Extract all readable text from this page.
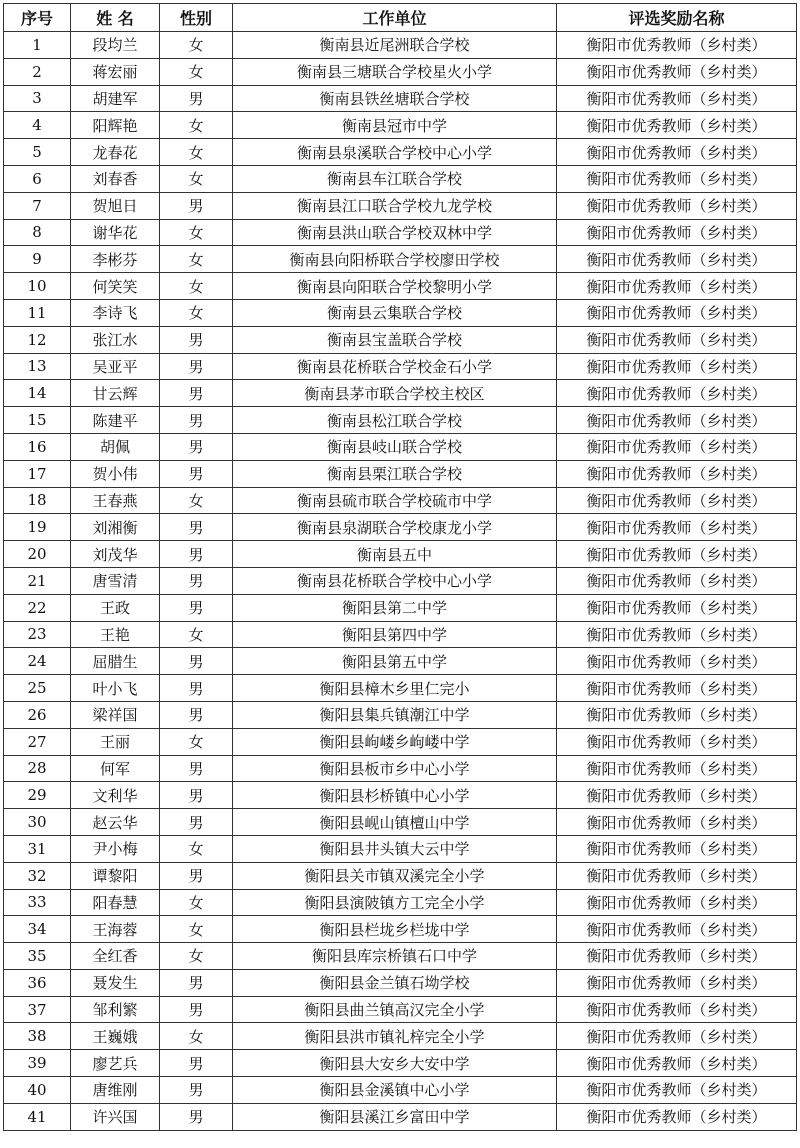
序号	姓 名	性别	工作单位	评选奖励名称
1	段均兰	女	衡南县近尾洲联合学校	衡阳市优秀教师（乡村类）
2	蒋宏丽	女	衡南县三塘联合学校星火小学	衡阳市优秀教师（乡村类）
3	胡建军	男	衡南县铁丝塘联合学校	衡阳市优秀教师（乡村类）
4	阳辉艳	女	衡南县冠市中学	衡阳市优秀教师（乡村类）
5	龙春花	女	衡南县泉溪联合学校中心小学	衡阳市优秀教师（乡村类）
6	刘春香	女	衡南县车江联合学校	衡阳市优秀教师（乡村类）
7	贺旭日	男	衡南县江口联合学校九龙学校	衡阳市优秀教师（乡村类）
8	谢华花	女	衡南县洪山联合学校双林中学	衡阳市优秀教师（乡村类）
9	李彬芬	女	衡南县向阳桥联合学校廖田学校	衡阳市优秀教师（乡村类）
10	何笑笑	女	衡南县向阳联合学校黎明小学	衡阳市优秀教师（乡村类）
11	李诗飞	女	衡南县云集联合学校	衡阳市优秀教师（乡村类）
12	张江水	男	衡南县宝盖联合学校	衡阳市优秀教师（乡村类）
13	吴亚平	男	衡南县花桥联合学校金石小学	衡阳市优秀教师（乡村类）
14	甘云辉	男	衡南县茅市联合学校主校区	衡阳市优秀教师（乡村类）
15	陈建平	男	衡南县松江联合学校	衡阳市优秀教师（乡村类）
16	胡佩	男	衡南县岐山联合学校	衡阳市优秀教师（乡村类）
17	贺小伟	男	衡南县栗江联合学校	衡阳市优秀教师（乡村类）
18	王春燕	女	衡南县硫市联合学校硫市中学	衡阳市优秀教师（乡村类）
19	刘湘衡	男	衡南县泉湖联合学校康龙小学	衡阳市优秀教师（乡村类）
20	刘茂华	男	衡南县五中	衡阳市优秀教师（乡村类）
21	唐雪清	男	衡南县花桥联合学校中心小学	衡阳市优秀教师（乡村类）
22	王政	男	衡阳县第二中学	衡阳市优秀教师（乡村类）
23	王艳	女	衡阳县第四中学	衡阳市优秀教师（乡村类）
24	屈腊生	男	衡阳县第五中学	衡阳市优秀教师（乡村类）
25	叶小飞	男	衡阳县樟木乡里仁完小	衡阳市优秀教师（乡村类）
26	梁祥国	男	衡阳县集兵镇潮江中学	衡阳市优秀教师（乡村类）
27	王丽	女	衡阳县岣嵝乡岣嵝中学	衡阳市优秀教师（乡村类）
28	何军	男	衡阳县板市乡中心小学	衡阳市优秀教师（乡村类）
29	文利华	男	衡阳县杉桥镇中心小学	衡阳市优秀教师（乡村类）
30	赵云华	男	衡阳县岘山镇檀山中学	衡阳市优秀教师（乡村类）
31	尹小梅	女	衡阳县井头镇大云中学	衡阳市优秀教师（乡村类）
32	谭黎阳	男	衡阳县关市镇双溪完全小学	衡阳市优秀教师（乡村类）
33	阳春慧	女	衡阳县演陂镇方工完全小学	衡阳市优秀教师（乡村类）
34	王海蓉	女	衡阳县栏垅乡栏垅中学	衡阳市优秀教师（乡村类）
35	全红香	女	衡阳县库宗桥镇石口中学	衡阳市优秀教师（乡村类）
36	聂发生	男	衡阳县金兰镇石坳学校	衡阳市优秀教师（乡村类）
37	邹利繁	男	衡阳县曲兰镇高汉完全小学	衡阳市优秀教师（乡村类）
38	王巍娥	女	衡阳县洪市镇礼梓完全小学	衡阳市优秀教师（乡村类）
39	廖艺兵	男	衡阳县大安乡大安中学	衡阳市优秀教师（乡村类）
40	唐维刚	男	衡阳县金溪镇中心小学	衡阳市优秀教师（乡村类）
41	许兴国	男	衡阳县溪江乡富田中学	衡阳市优秀教师（乡村类）
